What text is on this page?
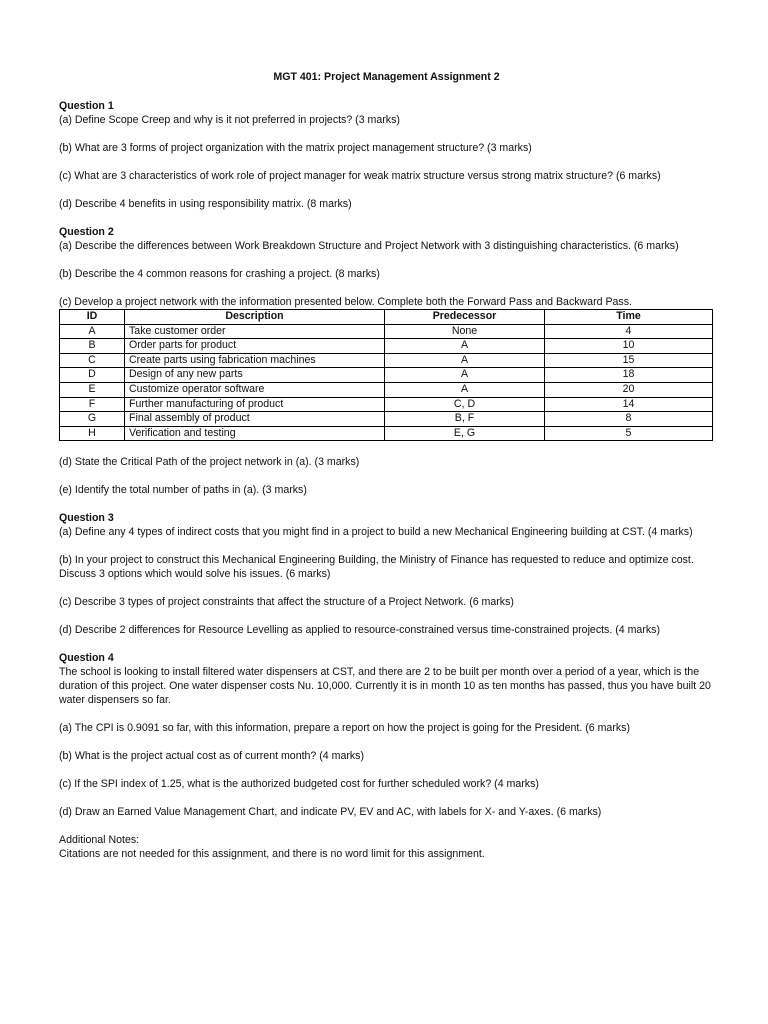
MGT 401: Project Management Assignment 2

Question 1

(a) Define Scope Creep and why is it not preferred in projects? (3 marks)

(b) What are 3 forms of project organization with the matrix project management structure? (3 marks)

(c) What are 3 characteristics of work role of project manager for weak matrix structure versus strong matrix structure? (6 marks)

(d) Describe 4 benefits in using responsibility matrix. (8 marks)

Question 2

(a) Describe the differences between Work Breakdown Structure and Project Network with 3 distinguishing characteristics. (6 marks)

(b) Describe the 4 common reasons for crashing a project. (8 marks)

(c) Develop a project network with the information presented below. Complete both the Forward Pass and Backward Pass.

ID	Description	Predecessor	Time
A	Take customer order	None	4
B	Order parts for product	A	10
C	Create parts using fabrication machines	A	15
D	Design of any new parts	A	18
E	Customize operator software	A	20
F	Further manufacturing of product	C, D	14
G	Final assembly of product	B, F	8
H	Verification and testing	E, G	5

(d) State the Critical Path of the project network in (a). (3 marks)

(e) Identify the total number of paths in (a). (3 marks)

Question 3

(a) Define any 4 types of indirect costs that you might find in a project to build a new Mechanical Engineering building at CST. (4 marks)

(b) In your project to construct this Mechanical Engineering Building, the Ministry of Finance has requested to reduce and optimize cost. Discuss 3 options which would solve his issues. (6 marks)

(c) Describe 3 types of project constraints that affect the structure of a Project Network. (6 marks)

(d) Describe 2 differences for Resource Levelling as applied to resource-constrained versus time-constrained projects. (4 marks)

Question 4

The school is looking to install filtered water dispensers at CST, and there are 2 to be built per month over a period of a year, which is the duration of this project. One water dispenser costs Nu. 10,000. Currently it is in month 10 as ten months has passed, thus you have built 20 water dispensers so far.

(a) The CPI is 0.9091 so far, with this information, prepare a report on how the project is going for the President. (6 marks)

(b) What is the project actual cost as of current month? (4 marks)

(c) If the SPI index of 1.25, what is the authorized budgeted cost for further scheduled work? (4 marks)

(d) Draw an Earned Value Management Chart, and indicate PV, EV and AC, with labels for X- and Y-axes. (6 marks)

Additional Notes:

Citations are not needed for this assignment, and there is no word limit for this assignment.
